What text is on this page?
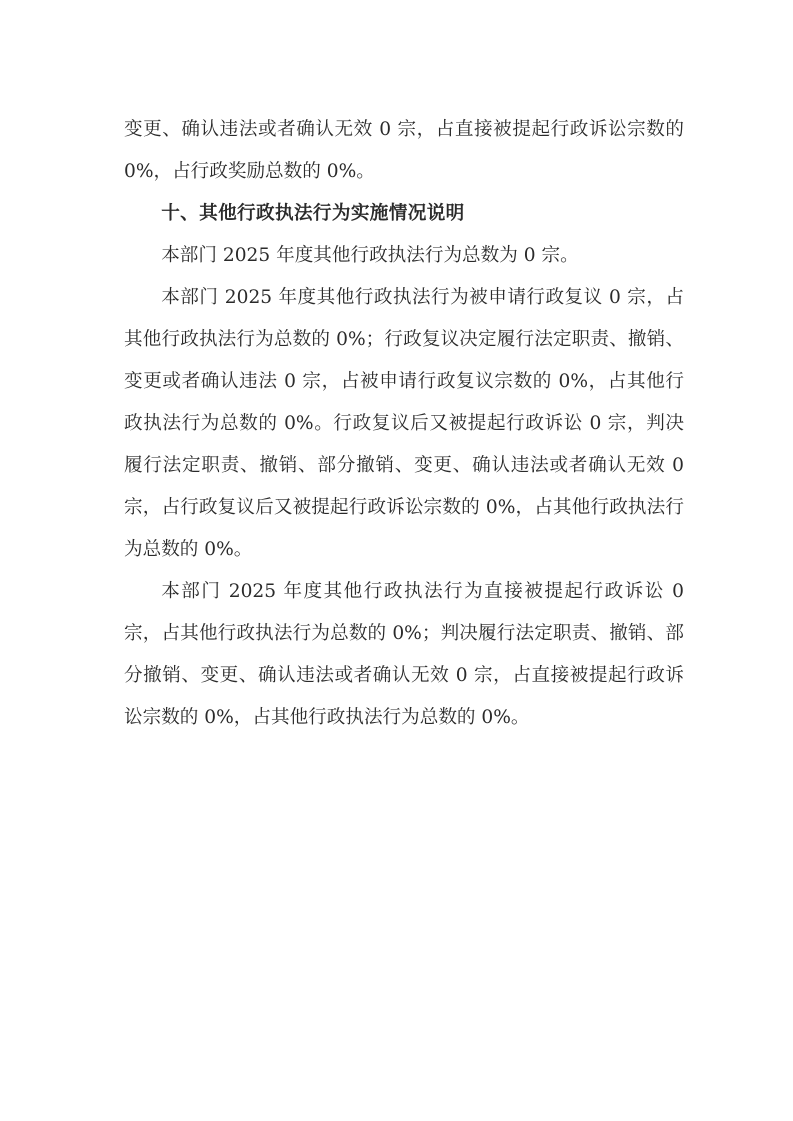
变更、确认违法或者确认无效 0 宗，占直接被提起行政诉讼宗数的 0%，占行政奖励总数的 0%。

十、其他行政执法行为实施情况说明

本部门 2025 年度其他行政执法行为总数为 0 宗。

本部门 2025 年度其他行政执法行为被申请行政复议 0 宗，占其他行政执法行为总数的 0%；行政复议决定履行法定职责、撤销、变更或者确认违法 0 宗，占被申请行政复议宗数的 0%，占其他行政执法行为总数的 0%。行政复议后又被提起行政诉讼 0 宗，判决履行法定职责、撤销、部分撤销、变更、确认违法或者确认无效 0 宗，占行政复议后又被提起行政诉讼宗数的 0%，占其他行政执法行为总数的 0%。

本部门 2025 年度其他行政执法行为直接被提起行政诉讼 0 宗，占其他行政执法行为总数的 0%；判决履行法定职责、撤销、部分撤销、变更、确认违法或者确认无效 0 宗，占直接被提起行政诉讼宗数的 0%，占其他行政执法行为总数的 0%。
